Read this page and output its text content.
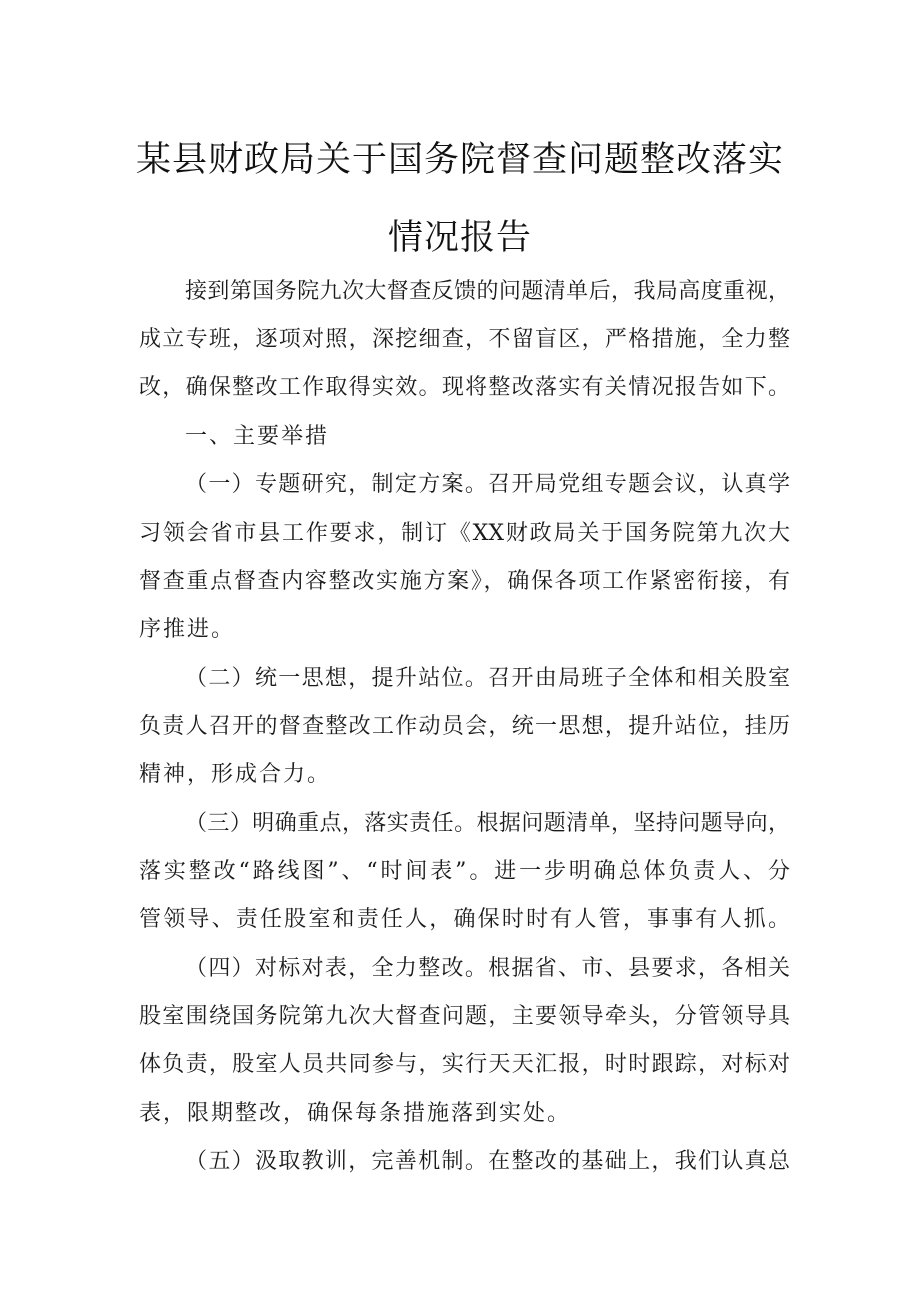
某县财政局关于国务院督查问题整改落实
情况报告
接到第国务院九次大督查反馈的问题清单后，我局高度重视，
成立专班，逐项对照，深挖细查，不留盲区，严格措施，全力整
改，确保整改工作取得实效。现将整改落实有关情况报告如下。
一、主要举措
（一）专题研究，制定方案。召开局党组专题会议，认真学
习领会省市县工作要求，制订《XX财政局关于国务院第九次大
督查重点督查内容整改实施方案》，确保各项工作紧密衔接，有
序推进。
（二）统一思想，提升站位。召开由局班子全体和相关股室
负责人召开的督查整改工作动员会，统一思想，提升站位，挂历
精神，形成合力。
（三）明确重点，落实责任。根据问题清单，坚持问题导向，
落实整改“路线图”、“时间表”。进一步明确总体负责人、分
管领导、责任股室和责任人，确保时时有人管，事事有人抓。
（四）对标对表，全力整改。根据省、市、县要求，各相关
股室围绕国务院第九次大督查问题，主要领导牵头，分管领导具
体负责，股室人员共同参与，实行天天汇报，时时跟踪，对标对
表，限期整改，确保每条措施落到实处。
（五）汲取教训，完善机制。在整改的基础上，我们认真总
